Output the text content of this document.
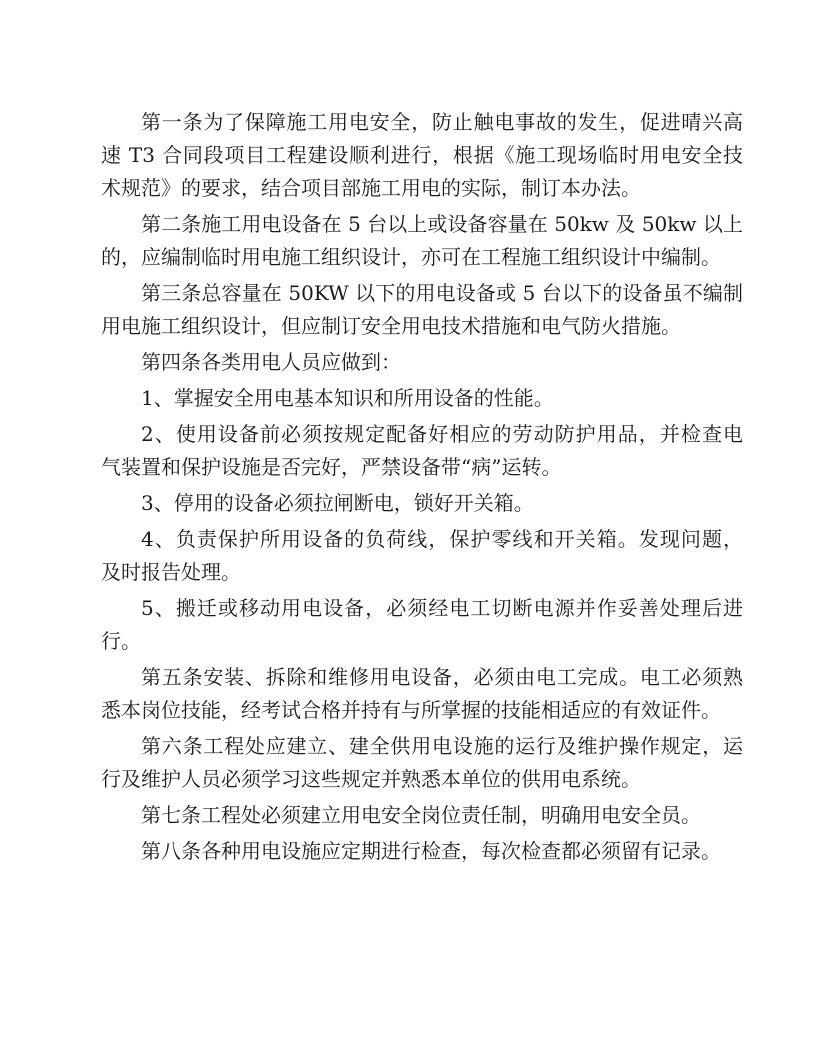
第一条为了保障施工用电安全，防止触电事故的发生，促进晴兴高
速 T3 合同段项目工程建设顺利进行，根据《施工现场临时用电安全技
术规范》的要求，结合项目部施工用电的实际，制订本办法。
第二条施工用电设备在 5 台以上或设备容量在 50kw 及 50kw 以上
的，应编制临时用电施工组织设计，亦可在工程施工组织设计中编制。
第三条总容量在 50KW 以下的用电设备或 5 台以下的设备虽不编制
用电施工组织设计，但应制订安全用电技术措施和电气防火措施。
第四条各类用电人员应做到：
1、掌握安全用电基本知识和所用设备的性能。
2、使用设备前必须按规定配备好相应的劳动防护用品，并检查电
气装置和保护设施是否完好，严禁设备带“病”运转。
3、停用的设备必须拉闸断电，锁好开关箱。
4、负责保护所用设备的负荷线，保护零线和开关箱。发现问题，
及时报告处理。
5、搬迁或移动用电设备，必须经电工切断电源并作妥善处理后进
行。
第五条安装、拆除和维修用电设备，必须由电工完成。电工必须熟
悉本岗位技能，经考试合格并持有与所掌握的技能相适应的有效证件。
第六条工程处应建立、建全供用电设施的运行及维护操作规定，运
行及维护人员必须学习这些规定并熟悉本单位的供用电系统。
第七条工程处必须建立用电安全岗位责任制，明确用电安全员。
第八条各种用电设施应定期进行检查，每次检查都必须留有记录。
